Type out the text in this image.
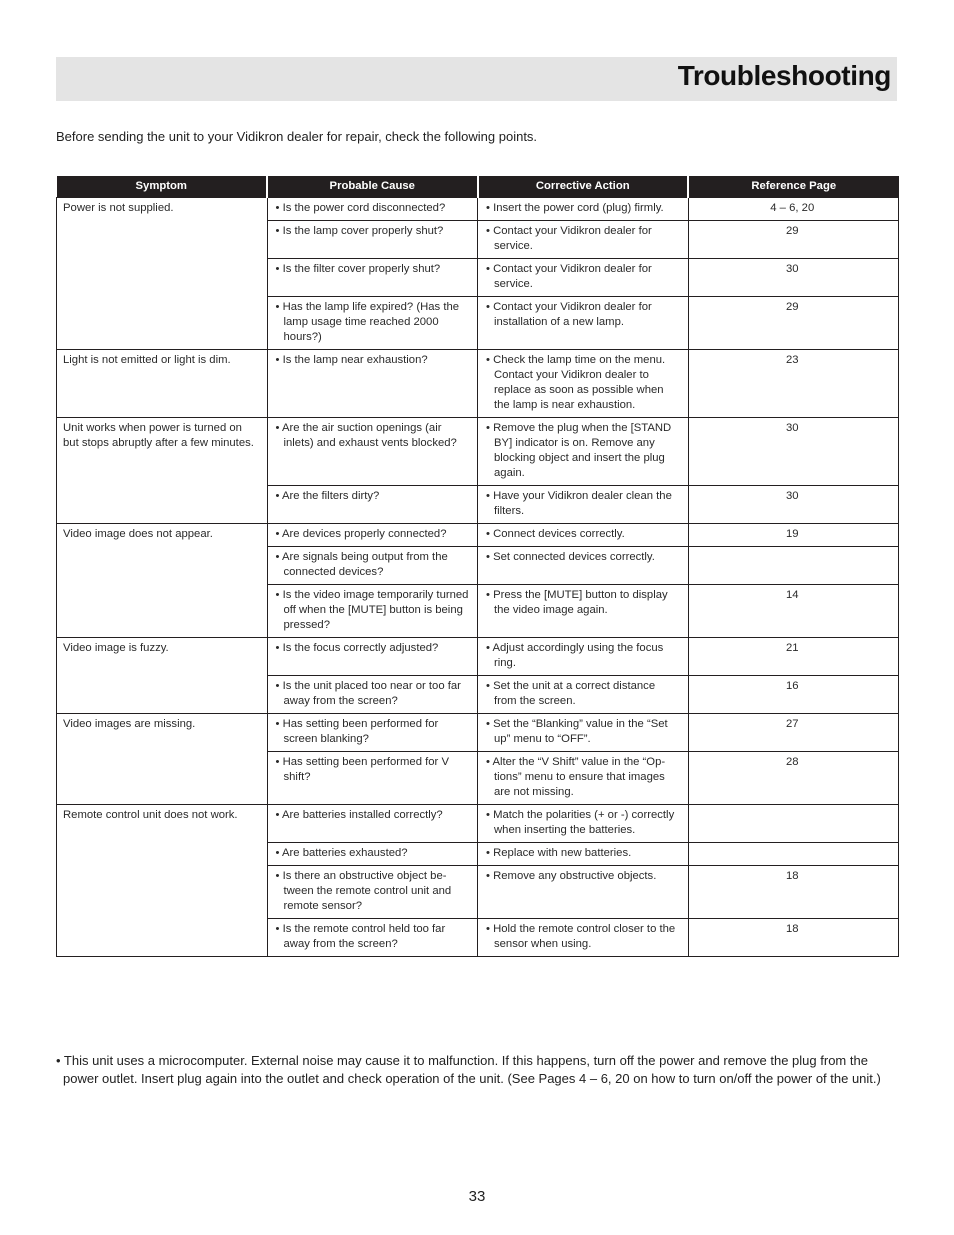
Troubleshooting

Before sending the unit to your Vidikron dealer for repair, check the following points.

Symptom	Probable Cause	Corrective Action	Reference Page
Power is not supplied.	• Is the power cord disconnected?	• Insert the power cord (plug) firmly.	4 – 6, 20

	• Is the lamp cover properly shut?	• Contact your Vidikron dealer for service.	29

	• Is the filter cover properly shut?	• Contact your Vidikron dealer for service.	30

	• Has the lamp life expired? (Has the lamp usage time reached 2000 hours?)	• Contact your Vidikron dealer for installation of a new lamp.	29
Light is not emitted or light is dim.	• Is the lamp near exhaustion?	• Check the lamp time on the menu. Contact your Vidikron dealer to replace as soon as possible when the lamp is near exhaustion.	23
Unit works when power is turned on but stops abruptly after a few minutes.	• Are the air suction openings (air inlets) and exhaust vents blocked?	• Remove the plug when the [STAND BY] indicator is on. Remove any blocking object and insert the plug again.	30

	• Are the filters dirty?	• Have your Vidikron dealer clean the filters.	30
Video image does not appear.	• Are devices properly connected?	• Connect devices correctly.	19

	• Are signals being output from the connected devices?	• Set connected devices correctly.	

	• Is the video image temporarily turned off when the [MUTE] button is being pressed?	• Press the [MUTE] button to display the video image again.	14
Video image is fuzzy.	• Is the focus correctly adjusted?	• Adjust accordingly using the focus ring.	21

	• Is the unit placed too near or too far away from the screen?	• Set the unit at a correct distance from the screen.	16
Video images are missing.	• Has setting been performed for screen blanking?	• Set the “Blanking” value in the “Set up” menu to “OFF”.	27

	• Has setting been performed for V shift?	• Alter the “V Shift” value in the “Op-tions” menu to ensure that images are not missing.	28
Remote control unit does not work.	• Are batteries installed correctly?	• Match the polarities (+ or -) correctly when inserting the batteries.	

	• Are batteries exhausted?	• Replace with new batteries.	

	• Is there an obstructive object be-tween the remote control unit and remote sensor?	• Remove any obstructive objects.	18

	• Is the remote control held too far away from the screen?	• Hold the remote control closer to the sensor when using.	18

• This unit uses a microcomputer. External noise may cause it to malfunction. If this happens, turn off the power and remove the plug from the power outlet. Insert plug again into the outlet and check operation of the unit. (See Pages 4 – 6, 20 on how to turn on/off the power of the unit.)

33
